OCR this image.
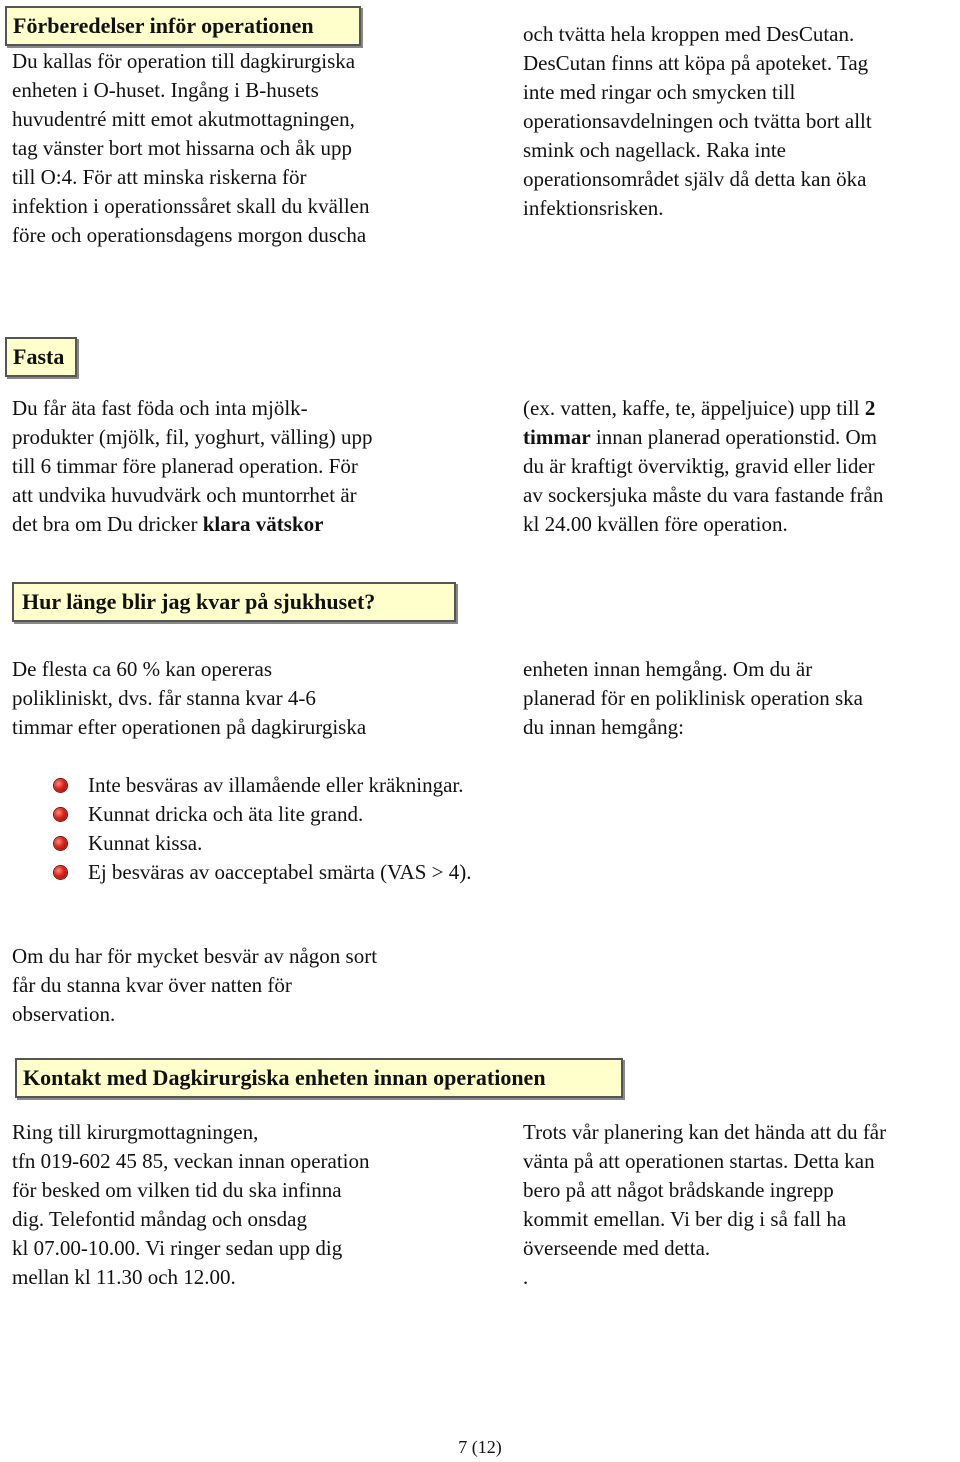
Förberedelser inför operationen
Du kallas för operation till dagkirurgiska
enheten i O-huset. Ingång i B-husets
huvudentré mitt emot akutmottagningen,
tag vänster bort mot hissarna och åk upp
till O:4. För att minska riskerna för
infektion i operationssåret skall du kvällen
före och operationsdagens morgon duscha
och tvätta hela kroppen med DesCutan.
DesCutan finns att köpa på apoteket. Tag
inte med ringar och smycken till
operationsavdelningen och tvätta bort allt
smink och nagellack. Raka inte
operationsområdet själv då detta kan öka
infektionsrisken.
Fasta
Du får äta fast föda och inta mjölk-
produkter (mjölk, fil, yoghurt, välling) upp
till 6 timmar före planerad operation. För
att undvika huvudvärk och muntorrhet är
det bra om Du dricker klara vätskor
(ex. vatten, kaffe, te, äppeljuice) upp till 2
timmar innan planerad operationstid. Om
du är kraftigt överviktig, gravid eller lider
av sockersjuka måste du vara fastande från
kl 24.00 kvällen före operation.
Hur länge blir jag kvar på sjukhuset?
De flesta ca 60 % kan opereras
polikliniskt, dvs. får stanna kvar 4-6
timmar efter operationen på dagkirurgiska
enheten innan hemgång. Om du är
planerad för en poliklinisk operation ska
du innan hemgång:
Inte besväras av illamående eller kräkningar.
Kunnat dricka och äta lite grand.
Kunnat kissa.
Ej besväras av oacceptabel smärta (VAS > 4).
Om du har för mycket besvär av någon sort
får du stanna kvar över natten för
observation.
Kontakt med Dagkirurgiska enheten innan operationen
Ring till kirurgmottagningen,
tfn 019-602 45 85, veckan innan operation
för besked om vilken tid du ska infinna
dig. Telefontid måndag och onsdag
kl 07.00-10.00. Vi ringer sedan upp dig
mellan kl 11.30 och 12.00.
Trots vår planering kan det hända att du får
vänta på att operationen startas. Detta kan
bero på att något brådskande ingrepp
kommit emellan. Vi ber dig i så fall ha
överseende med detta.
.
7 (12)
